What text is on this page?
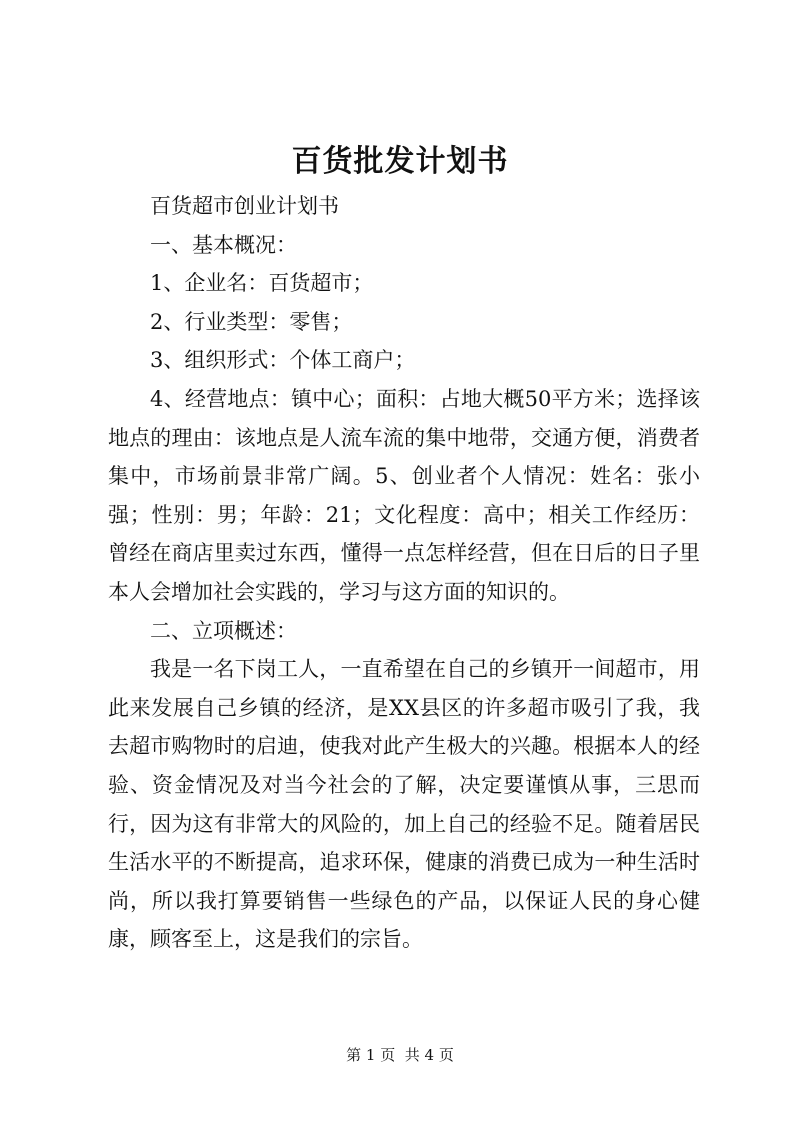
百货批发计划书

百货超市创业计划书

一、基本概况：

1、企业名：百货超市；

2、行业类型：零售；

3、组织形式：个体工商户；

4、经营地点：镇中心；面积：占地大概50平方米；选择该地点的理由：该地点是人流车流的集中地带，交通方便，消费者集中，市场前景非常广阔。5、创业者个人情况：姓名：张小强；性别：男；年龄：21；文化程度：高中；相关工作经历：曾经在商店里卖过东西，懂得一点怎样经营，但在日后的日子里本人会增加社会实践的，学习与这方面的知识的。

二、立项概述：

我是一名下岗工人，一直希望在自己的乡镇开一间超市，用此来发展自己乡镇的经济，是XX县区的许多超市吸引了我，我去超市购物时的启迪，使我对此产生极大的兴趣。根据本人的经验、资金情况及对当今社会的了解，决定要谨慎从事，三思而行，因为这有非常大的风险的，加上自己的经验不足。随着居民生活水平的不断提高，追求环保，健康的消费已成为一种生活时尚，所以我打算要销售一些绿色的产品，以保证人民的身心健康，顾客至上，这是我们的宗旨。

第 1 页 共 4 页
